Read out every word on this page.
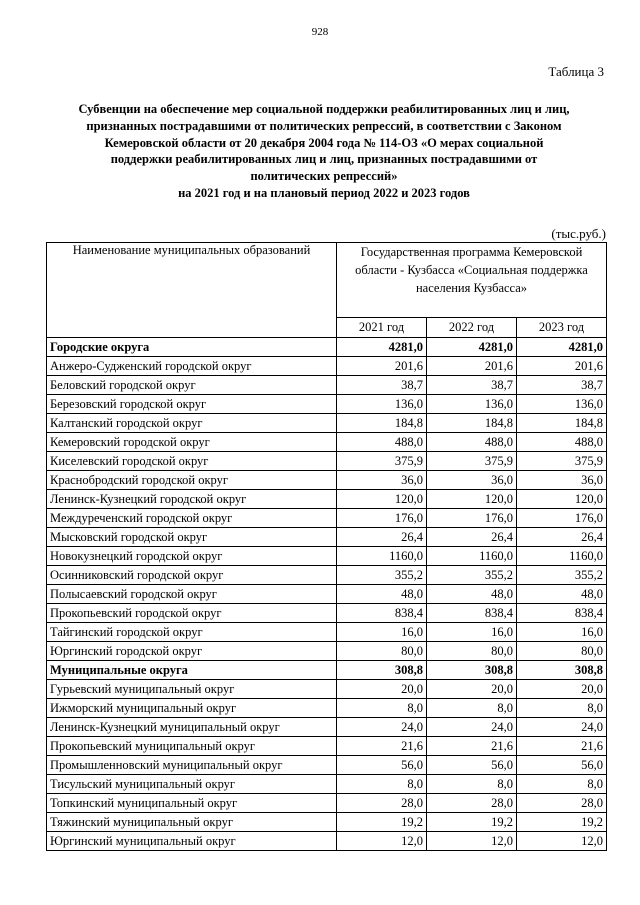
928
Таблица 3
Субвенции на обеспечение мер социальной поддержки реабилитированных лиц и лиц,
признанных пострадавшими от политических репрессий, в соответствии с Законом
Кемеровской области от 20 декабря 2004 года № 114-ОЗ «О мерах социальной
поддержки реабилитированных лиц и лиц, признанных пострадавшими от
политических репрессий»
на 2021 год и на плановый период 2022 и 2023 годов
(тыс.руб.)
Наименование муниципальных образований	Государственная программа Кемеровской области - Кузбасса «Социальная поддержка населения Кузбасса»		
	2021 год	2022 год	2023 год
Городские округа	4281,0	4281,0	4281,0
Анжеро-Судженский городской округ	201,6	201,6	201,6
Беловский городской округ	38,7	38,7	38,7
Березовский городской округ	136,0	136,0	136,0
Калтанский городской округ	184,8	184,8	184,8
Кемеровский городской округ	488,0	488,0	488,0
Киселевский городской округ	375,9	375,9	375,9
Краснобродский городской округ	36,0	36,0	36,0
Ленинск-Кузнецкий городской округ	120,0	120,0	120,0
Междуреченский городской округ	176,0	176,0	176,0
Мысковский городской округ	26,4	26,4	26,4
Новокузнецкий городской округ	1160,0	1160,0	1160,0
Осинниковский городской округ	355,2	355,2	355,2
Полысаевский городской округ	48,0	48,0	48,0
Прокопьевский городской округ	838,4	838,4	838,4
Тайгинский городской округ	16,0	16,0	16,0
Юргинский городской округ	80,0	80,0	80,0
Муниципальные округа	308,8	308,8	308,8
Гурьевский муниципальный округ	20,0	20,0	20,0
Ижморский муниципальный округ	8,0	8,0	8,0
Ленинск-Кузнецкий муниципальный округ	24,0	24,0	24,0
Прокопьевский муниципальный округ	21,6	21,6	21,6
Промышленновский муниципальный округ	56,0	56,0	56,0
Тисульский муниципальный округ	8,0	8,0	8,0
Топкинский муниципальный округ	28,0	28,0	28,0
Тяжинский муниципальный округ	19,2	19,2	19,2
Юргинский муниципальный округ	12,0	12,0	12,0
